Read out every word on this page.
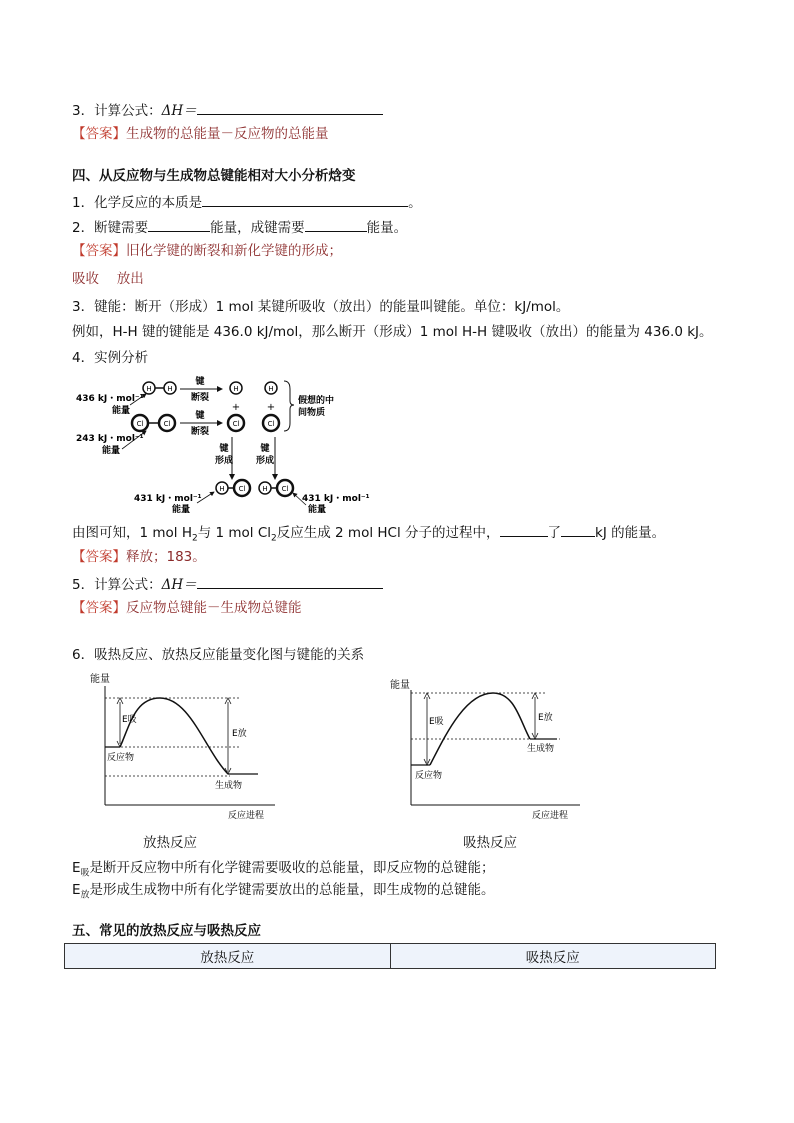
3．计算公式：ΔH＝
【答案】生成物的总能量－反应物的总能量
四、从反应物与生成物总键能相对大小分析焓变
1．化学反应的本质是	。
2．断键需要	能量，成键需要	能量。
【答案】旧化学键的断裂和新化学键的形成；
吸收　 放出
3．键能：断开（形成）1 mol 某键所吸收（放出）的能量叫键能。单位：kJ/mol。
例如，H-H 键的键能是 436.0 kJ/mol，那么断开（形成）1 mol H-H 键吸收（放出）的能量为 436.0 kJ。
4．实例分析
H H
Cl	Cl
436 kJ・mol⁻¹
能量
243 kJ・mol⁻¹
能量
键
断裂
键
断裂
H	H
+	+
Cl	Cl
假想的中
间物质
键
形成
键
形成
H Cl H Cl
431 kJ・mol⁻¹
能量
431 kJ・mol⁻¹
能量
由图可知，1 mol $H_2$与 1 mol $Cl_2$反应生成 2 mol HCl 分子的过程中，	了	kJ 的能量。
【答案】释放；183。
5．计算公式：ΔH＝
【答案】反应物总键能－生成物总键能
6．吸热反应、放热反应能量变化图与键能的关系
能量
E吸
E放
反应物
生成物
反应进程
能量
E吸	E放
反应物
生成物
反应进程
放热反应	吸热反应
$E_吸$是断开反应物中所有化学键需要吸收的总能量，即反应物的总键能；
$E_放$是形成生成物中所有化学键需要放出的总能量，即生成物的总键能。
五、常见的放热反应与吸热反应
放热反应	吸热反应
